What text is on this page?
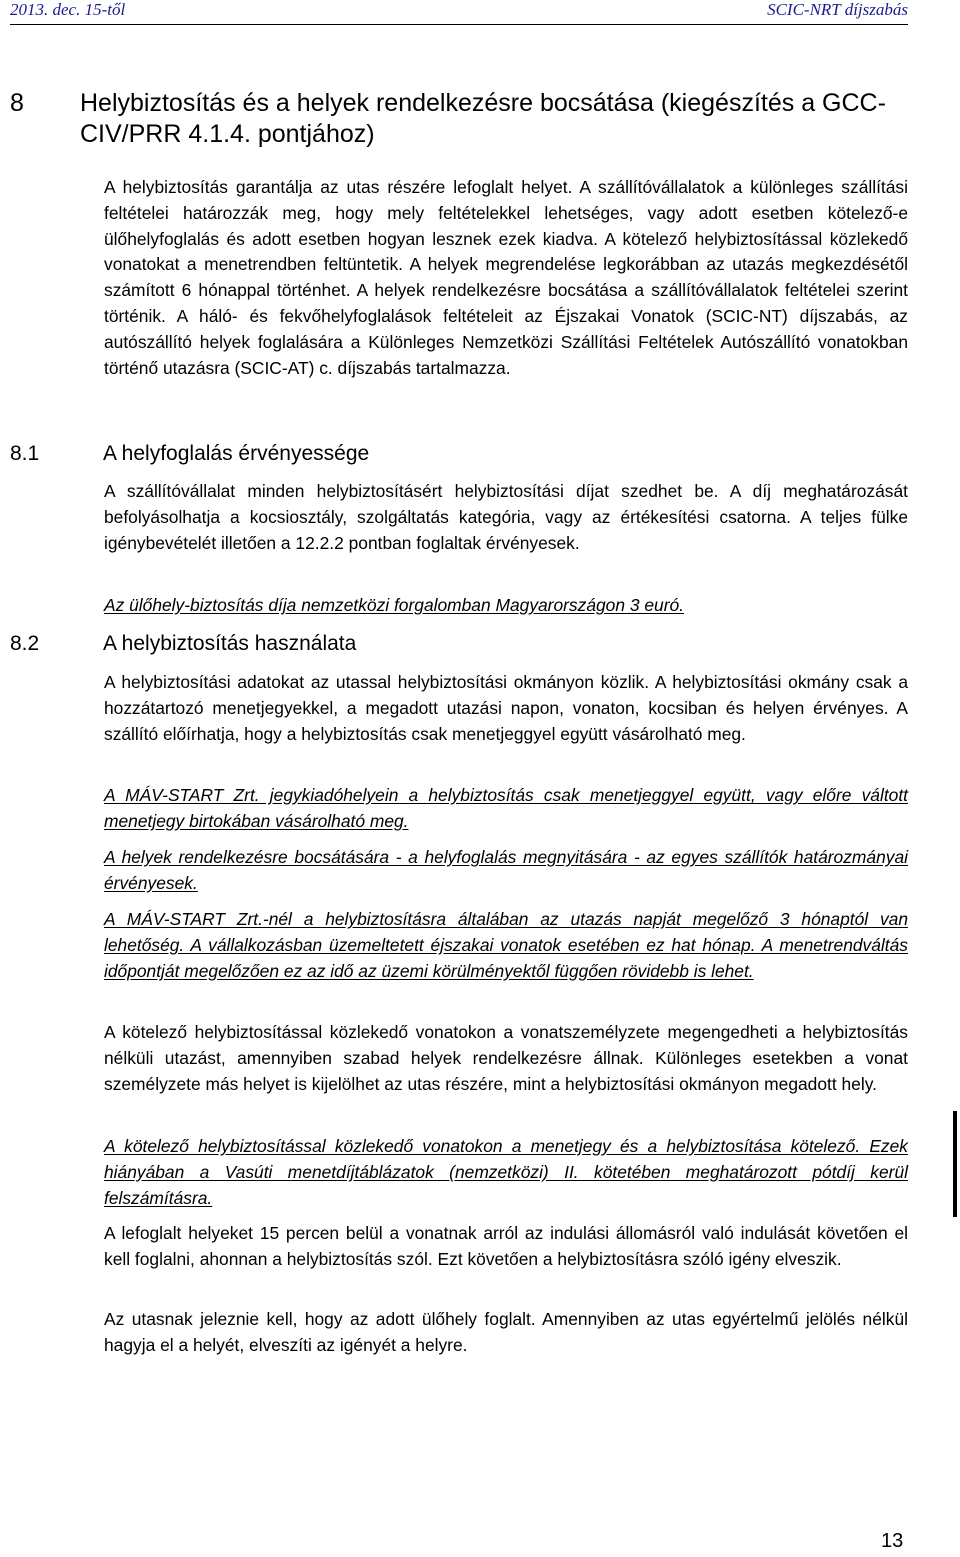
2013. dec. 15-től	SCIC-NRT díjszabás
8 Helybiztosítás és a helyek rendelkezésre bocsátása (kiegészítés a GCC-CIV/PRR 4.1.4. pontjához)

A helybiztosítás garantálja az utas részére lefoglalt helyet. A szállítóvállalatok a különleges szállítási feltételei határozzák meg, hogy mely feltételekkel lehetséges, vagy adott esetben kötelező-e ülőhelyfoglalás és adott esetben hogyan lesznek ezek kiadva. A kötelező helybiztosítással közlekedő vonatokat a menetrendben feltüntetik. A helyek megrendelése legkorábban az utazás megkezdésétől számított 6 hónappal történhet. A helyek rendelkezésre bocsátása a szállítóvállalatok feltételei szerint történik. A háló- és fekvőhelyfoglalások feltételeit az Éjszakai Vonatok (SCIC-NT) díjszabás, az autószállító helyek foglalására a Különleges Nemzetközi Szállítási Feltételek Autószállító vonatokban történő utazásra (SCIC-AT) c. díjszabás tartalmazza.

8.1	A helyfoglalás érvényessége

A szállítóvállalat minden helybiztosításért helybiztosítási díjat szedhet be. A díj meghatározását befolyásolhatja a kocsiosztály, szolgáltatás kategória, vagy az értékesítési csatorna. A teljes fülke igénybevételét illetően a 12.2.2 pontban foglaltak érvényesek.

Az ülőhely-biztosítás díja nemzetközi forgalomban Magyarországon 3 euró.

8.2	A helybiztosítás használata

A helybiztosítási adatokat az utassal helybiztosítási okmányon közlik. A helybiztosítási okmány csak a hozzátartozó menetjegyekkel, a megadott utazási napon, vonaton, kocsiban és helyen érvényes. A szállító előírhatja, hogy a helybiztosítás csak menetjeggyel együtt vásárolható meg.

A MÁV-START Zrt. jegykiadóhelyein a helybiztosítás csak menetjeggyel együtt, vagy előre váltott menetjegy birtokában vásárolható meg.

A helyek rendelkezésre bocsátására - a helyfoglalás megnyitására - az egyes szállítók határozmányai érvényesek.

A MÁV-START Zrt.-nél a helybiztosításra általában az utazás napját megelőző 3 hónaptól van lehetőség. A vállalkozásban üzemeltetett éjszakai vonatok esetében ez hat hónap. A menetrendváltás időpontját megelőzően ez az idő az üzemi körülményektől függően rövidebb is lehet.

A kötelező helybiztosítással közlekedő vonatokon a vonatszemélyzete megengedheti a helybiztosítás nélküli utazást, amennyiben szabad helyek rendelkezésre állnak. Különleges esetekben a vonat személyzete más helyet is kijelölhet az utas részére, mint a helybiztosítási okmányon megadott hely.

A kötelező helybiztosítással közlekedő vonatokon a menetjegy és a helybiztosítása kötelező. Ezek hiányában a Vasúti menetdíjtáblázatok (nemzetközi) II. kötetében meghatározott pótdíj kerül felszámításra.

A lefoglalt helyeket 15 percen belül a vonatnak arról az indulási állomásról való indulását követően el kell foglalni, ahonnan a helybiztosítás szól. Ezt követően a helybiztosításra szóló igény elveszik.

Az utasnak jeleznie kell, hogy az adott ülőhely foglalt. Amennyiben az utas egyértelmű jelölés nélkül hagyja el a helyét, elveszíti az igényét a helyre.

13
